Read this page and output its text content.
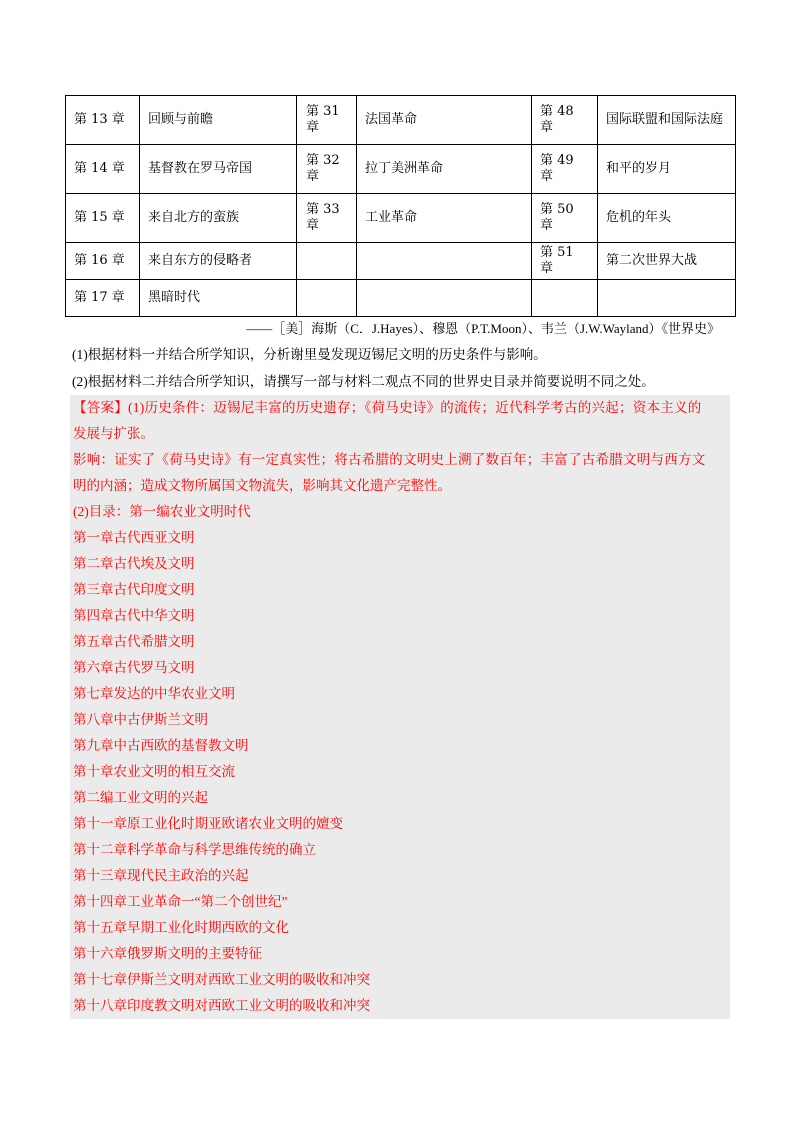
第 13 章	回顾与前瞻	第 31 章	法国革命	第 48 章	国际联盟和国际法庭
第 14 章	基督教在罗马帝国	第 32 章	拉丁美洲革命	第 49 章	和平的岁月
第 15 章	来自北方的蛮族	第 33 章	工业革命	第 50 章	危机的年头
第 16 章	来自东方的侵略者			第 51 章	第二次世界大战
第 17 章	黑暗时代				
——［美］海斯（C．J.Hayes）、穆恩（P.T.Moon）、韦兰（J.W.Wayland）《世界史》
(1)根据材料一并结合所学知识，分析谢里曼发现迈锡尼文明的历史条件与影响。
(2)根据材料二并结合所学知识，请撰写一部与材料二观点不同的世界史目录并简要说明不同之处。
【答案】(1)历史条件：迈锡尼丰富的历史遗存；《荷马史诗》的流传；近代科学考古的兴起；资本主义的
发展与扩张。
影响：证实了《荷马史诗》有一定真实性；将古希腊的文明史上溯了数百年；丰富了古希腊文明与西方文
明的内涵；造成文物所属国文物流失，影响其文化遗产完整性。
(2)目录：第一编农业文明时代
第一章古代西亚文明
第二章古代埃及文明
第三章古代印度文明
第四章古代中华文明
第五章古代希腊文明
第六章古代罗马文明
第七章发达的中华农业文明
第八章中古伊斯兰文明
第九章中古西欧的基督教文明
第十章农业文明的相互交流
第二编工业文明的兴起
第十一章原工业化时期亚欧诸农业文明的嬗变
第十二章科学革命与科学思维传统的确立
第十三章现代民主政治的兴起
第十四章工业革命一“第二个创世纪”
第十五章早期工业化时期西欧的文化
第十六章俄罗斯文明的主要特征
第十七章伊斯兰文明对西欧工业文明的吸收和冲突
第十八章印度教文明对西欧工业文明的吸收和冲突
